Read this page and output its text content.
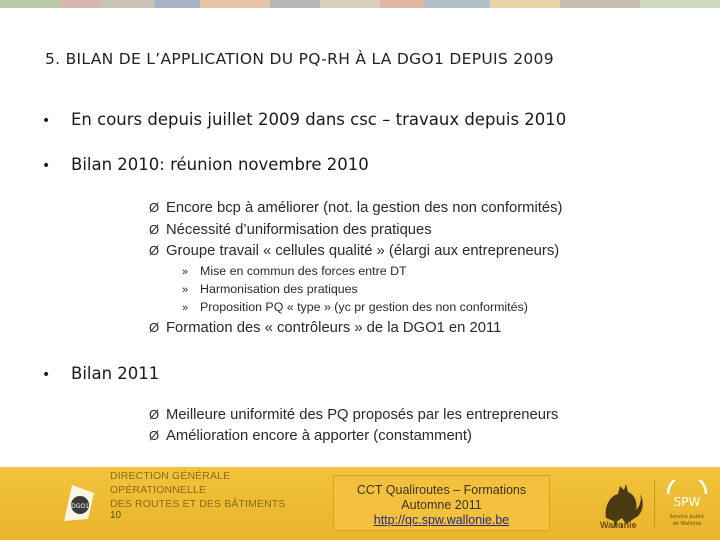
5. BILAN DE L’APPLICATION DU PQ-RH À LA DGO1 DEPUIS 2009
•	En cours depuis juillet 2009 dans csc – travaux depuis 2010
•	Bilan 2010: réunion novembre 2010
Ø Encore bcp à améliorer (not. la gestion des non conformités)
Ø Nécessité d’uniformisation des pratiques
Ø Groupe travail « cellules qualité » (élargi aux entrepreneurs)
» Mise en commun des forces entre DT
» Harmonisation des pratiques
» Proposition PQ « type » (yc pr gestion des non conformités)
Ø Formation des « contrôleurs » de la DGO1 en 2011
•	Bilan 2011
Ø Meilleure uniformité des PQ proposés par les entrepreneurs
Ø Amélioration encore à apporter (constamment)
DGO1
DIRECTION GÉNÉRALE OPÉRATIONNELLE
DES ROUTES ET DES BÂTIMENTS
10
CCT Qualiroutes – Formations
Automne 2011
http://qc.spw.wallonie.be	Wallonie
SPW
Service public
de Wallonie
